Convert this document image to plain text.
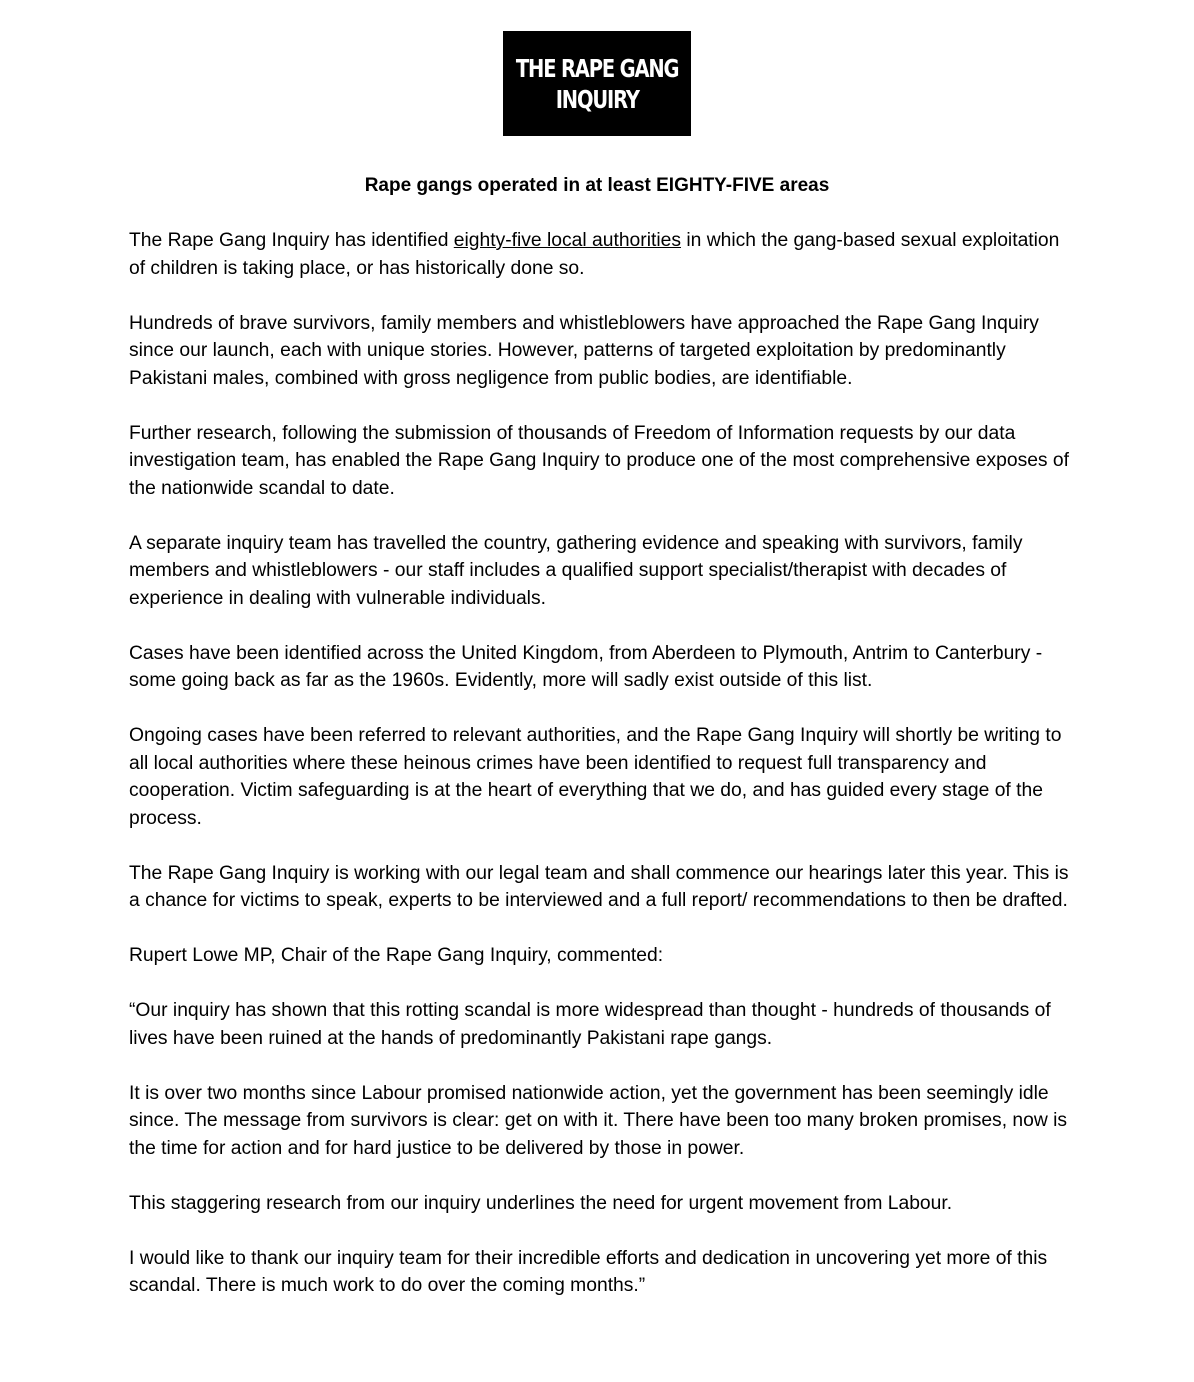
THE RAPE GANG
INQUIRY
Rape gangs operated in at least EIGHTY-FIVE areas

The Rape Gang Inquiry has identified eighty-five local authorities in which the gang-based sexual exploitation of children is taking place, or has historically done so.

Hundreds of brave survivors, family members and whistleblowers have approached the Rape Gang Inquiry since our launch, each with unique stories. However, patterns of targeted exploitation by predominantly Pakistani males, combined with gross negligence from public bodies, are identifiable.

Further research, following the submission of thousands of Freedom of Information requests by our data investigation team, has enabled the Rape Gang Inquiry to produce one of the most comprehensive exposes of the nationwide scandal to date.

A separate inquiry team has travelled the country, gathering evidence and speaking with survivors, family members and whistleblowers - our staff includes a qualified support specialist/therapist with decades of experience in dealing with vulnerable individuals.

Cases have been identified across the United Kingdom, from Aberdeen to Plymouth, Antrim to Canterbury - some going back as far as the 1960s. Evidently, more will sadly exist outside of this list.

Ongoing cases have been referred to relevant authorities, and the Rape Gang Inquiry will shortly be writing to all local authorities where these heinous crimes have been identified to request full transparency and cooperation. Victim safeguarding is at the heart of everything that we do, and has guided every stage of the process.

The Rape Gang Inquiry is working with our legal team and shall commence our hearings later this year. This is a chance for victims to speak, experts to be interviewed and a full report/ recommendations to then be drafted.

Rupert Lowe MP, Chair of the Rape Gang Inquiry, commented:

“Our inquiry has shown that this rotting scandal is more widespread than thought - hundreds of thousands of lives have been ruined at the hands of predominantly Pakistani rape gangs.

It is over two months since Labour promised nationwide action, yet the government has been seemingly idle since. The message from survivors is clear: get on with it. There have been too many broken promises, now is the time for action and for hard justice to be delivered by those in power.

This staggering research from our inquiry underlines the need for urgent movement from Labour.

I would like to thank our inquiry team for their incredible efforts and dedication in uncovering yet more of this scandal. There is much work to do over the coming months.”
